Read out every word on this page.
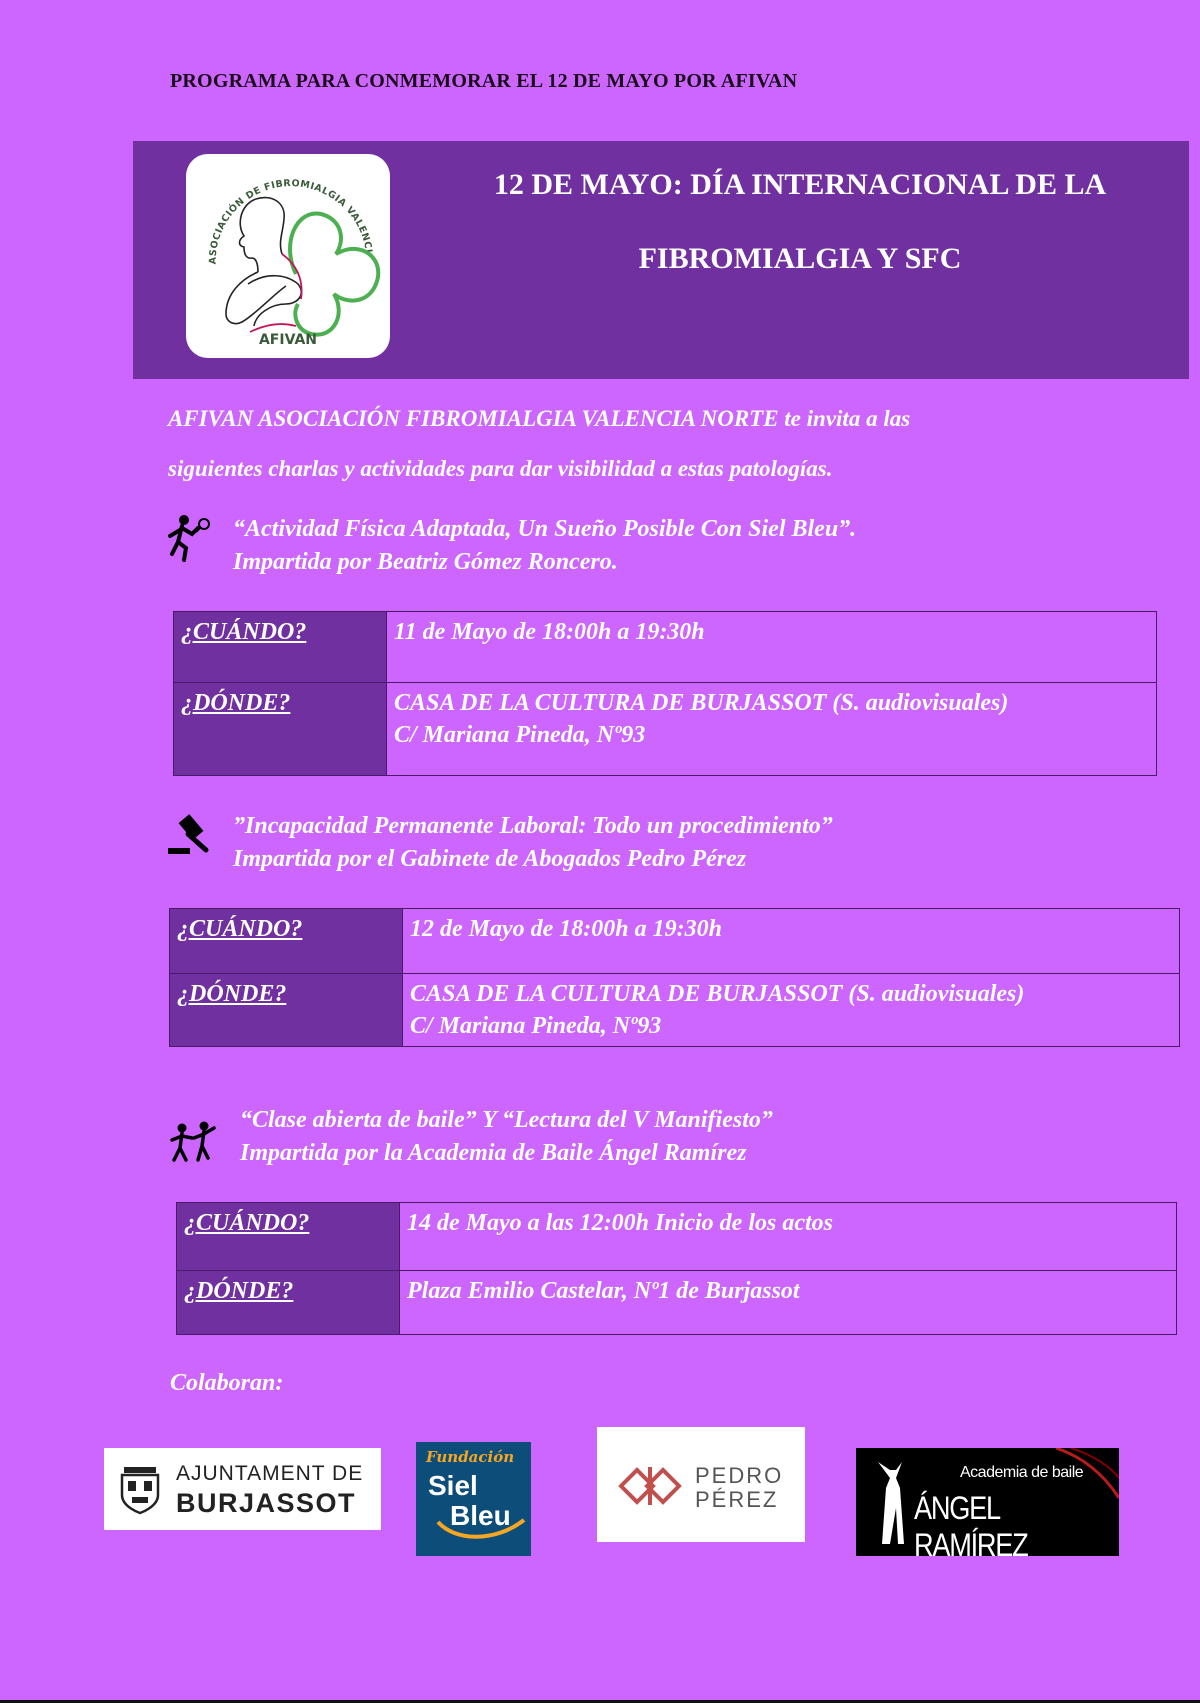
PROGRAMA PARA CONMEMORAR EL 12 DE MAYO POR AFIVAN
ASOCIACIÓN DE FIBROMIALGIA VALENCI
AFIVAN
12 DE MAYO: DÍA INTERNACIONAL DE LA
FIBROMIALGIA Y SFC
AFIVAN ASOCIACIÓN FIBROMIALGIA VALENCIA NORTE te invita a las
siguientes charlas y actividades para dar visibilidad a estas patologías.
“Actividad Física Adaptada, Un Sueño Posible Con Siel Bleu”.
Impartida por Beatriz Gómez Roncero.
¿CUÁNDO?	11 de Mayo de 18:00h a 19:30h
¿DÓNDE?	CASA DE LA CULTURA DE BURJASSOT (S. audiovisuales)
C/ Mariana Pineda, Nº93
”Incapacidad Permanente Laboral: Todo un procedimiento”
Impartida por el Gabinete de Abogados Pedro Pérez
¿CUÁNDO?	12 de Mayo de 18:00h a 19:30h
¿DÓNDE?	CASA DE LA CULTURA DE BURJASSOT (S. audiovisuales)
C/ Mariana Pineda, Nº93
“Clase abierta de baile” Y “Lectura del V Manifiesto”
Impartida por la Academia de Baile Ángel Ramírez
¿CUÁNDO?	14 de Mayo a las 12:00h Inicio de los actos
¿DÓNDE?	Plaza Emilio Castelar, Nº1 de Burjassot
Colaboran:
AJUNTAMENT DE
BURJASSOT
Fundación
Siel
Bleu
PEDRO
PÉREZ
Academia de baile
ÁNGEL RAMÍREZ
